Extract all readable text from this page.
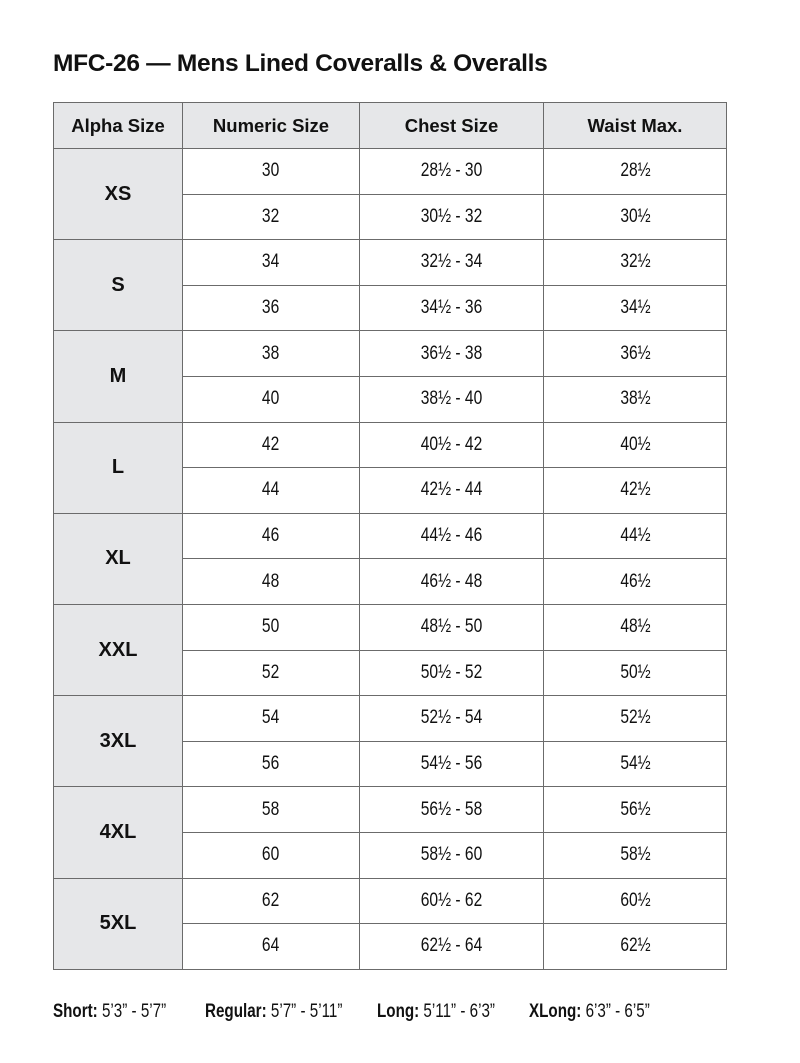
MFC-26 — Mens Lined Coveralls & Overalls
Alpha Size	Numeric Size	Chest Size	Waist Max.
XS	30	28½ - 30	28½
	32	30½ - 32	30½
S	34	32½ - 34	32½
	36	34½ - 36	34½
M	38	36½ - 38	36½
	40	38½ - 40	38½
L	42	40½ - 42	40½
	44	42½ - 44	42½
XL	46	44½ - 46	44½
	48	46½ - 48	46½
XXL	50	48½ - 50	48½
	52	50½ - 52	50½
3XL	54	52½ - 54	52½
	56	54½ - 56	54½
4XL	58	56½ - 58	56½
	60	58½ - 60	58½
5XL	62	60½ - 62	60½
	64	62½ - 64	62½
Short: 5’3” - 5’7” Regular: 5’7” - 5’11” Long: 5’11” - 6’3” XLong: 6’3” - 6’5”
